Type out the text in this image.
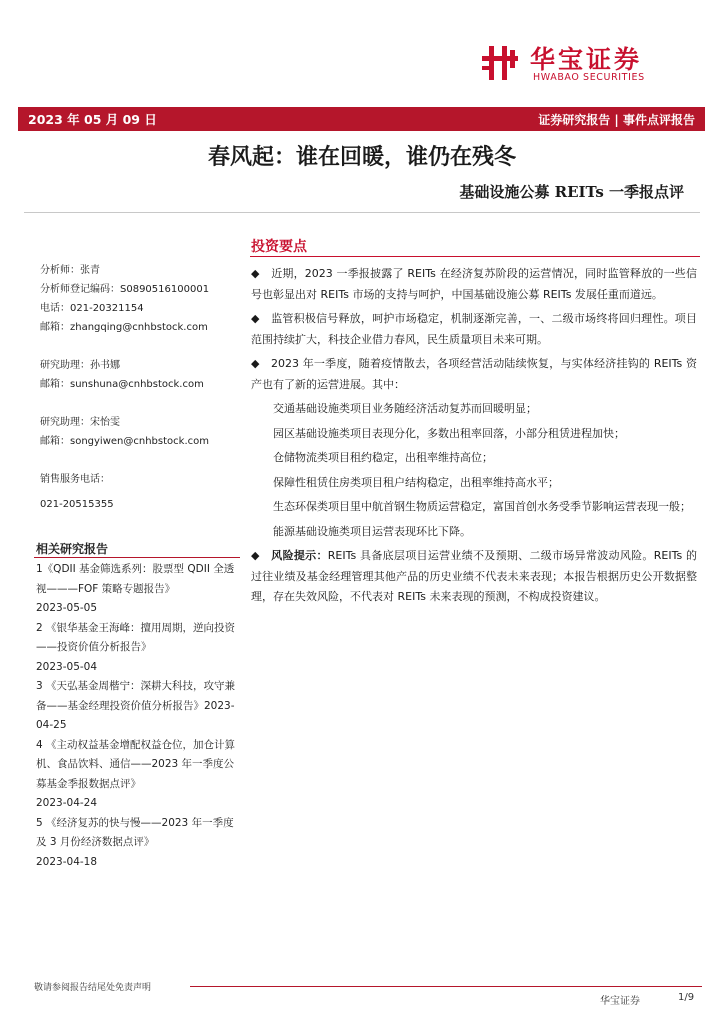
华宝证券
HWABAO SECURITIES
2023 年 05 月 09 日	证券研究报告 | 事件点评报告
春风起：谁在回暖，谁仍在残冬
基础设施公募 REITs 一季报点评
分析师：张青
分析师登记编码：S0890516100001
电话：021-20321154
邮箱：zhangqing@cnhbstock.com
研究助理：孙书娜
邮箱：sunshuna@cnhbstock.com
研究助理：宋怡雯
邮箱：songyiwen@cnhbstock.com
销售服务电话：
021-20515355
相关研究报告
1《QDII 基金筛选系列：股票型 QDII 全透视———FOF 策略专题报告》
2023-05-05
2 《银华基金王海峰：擅用周期，逆向投资——投资价值分析报告》
2023-05-04
3 《天弘基金周楷宁：深耕大科技，攻守兼备——基金经理投资价值分析报告》2023-04-25
4 《主动权益基金增配权益仓位，加仓计算机、食品饮料、通信——2023 年一季度公募基金季报数据点评》
2023-04-24
5 《经济复苏的快与慢——2023 年一季度及 3 月份经济数据点评》
2023-04-18
投资要点

◆ 近期，2023 一季报披露了 REITs 在经济复苏阶段的运营情况，同时监管释放的一些信号也彰显出对 REITs 市场的支持与呵护，中国基础设施公募 REITs 发展任重而道远。

◆ 监管积极信号释放，呵护市场稳定，机制逐渐完善，一、二级市场终将回归理性。项目范围持续扩大，科技企业借力春风，民生质量项目未来可期。

◆ 2023 年一季度，随着疫情散去，各项经营活动陆续恢复，与实体经济挂钩的 REITs 资产也有了新的运营进展。其中：

交通基础设施类项目业务随经济活动复苏而回暖明显；

园区基础设施类项目表现分化，多数出租率回落，小部分租赁进程加快；

仓储物流类项目租约稳定，出租率维持高位；

保障性租赁住房类项目租户结构稳定，出租率维持高水平；

生态环保类项目里中航首钢生物质运营稳定，富国首创水务受季节影响运营表现一般；

能源基础设施类项目运营表现环比下降。

◆ 风险提示：REITs 具备底层项目运营业绩不及预期、二级市场异常波动风险。REITs 的过往业绩及基金经理管理其他产品的历史业绩不代表未来表现；本报告根据历史公开数据整理，存在失效风险，不代表对 REITs 未来表现的预测，不构成投资建议。

敬请参阅报告结尾处免责声明
华宝证券	1/9
